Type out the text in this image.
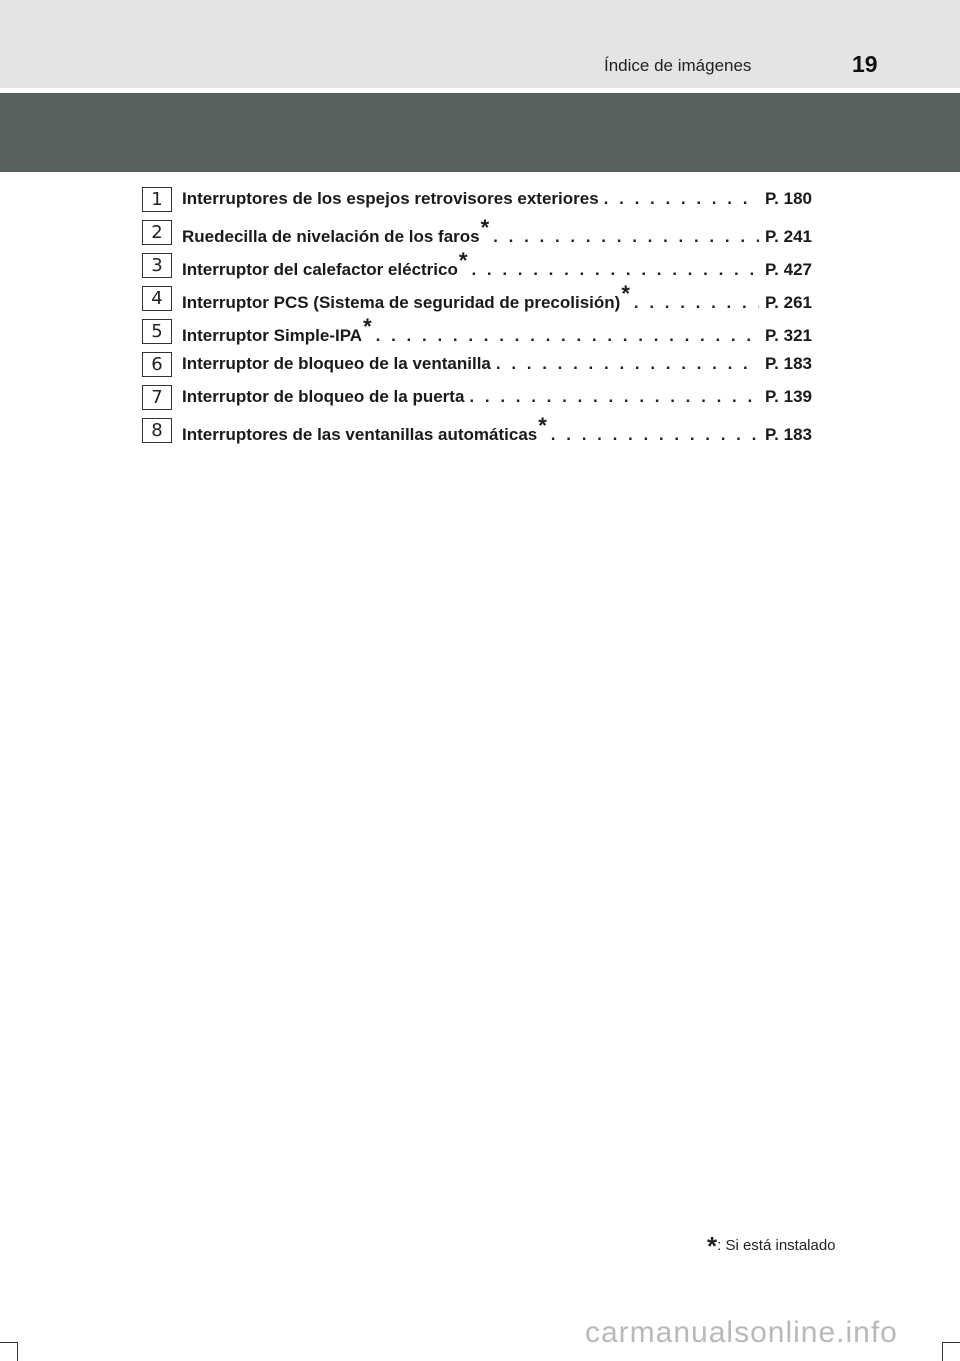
Índice de imágenes	19
1	Interruptores de los espejos retrovisores exteriores . . .	P. 180
2	Ruedecilla de nivelación de los faros * . . .	P. 241
3	Interruptor del calefactor eléctrico * . . .	P. 427
4	Interruptor PCS (Sistema de seguridad de precolisión) * . . .	P. 261
5	Interruptor Simple-IPA * . . .	P. 321
6	Interruptor de bloqueo de la ventanilla . . .	P. 183
7	Interruptor de bloqueo de la puerta . . .	P. 139
8	Interruptores de las ventanillas automáticas * . . .	P. 183
*: Si está instalado
carmanualsonline.info
